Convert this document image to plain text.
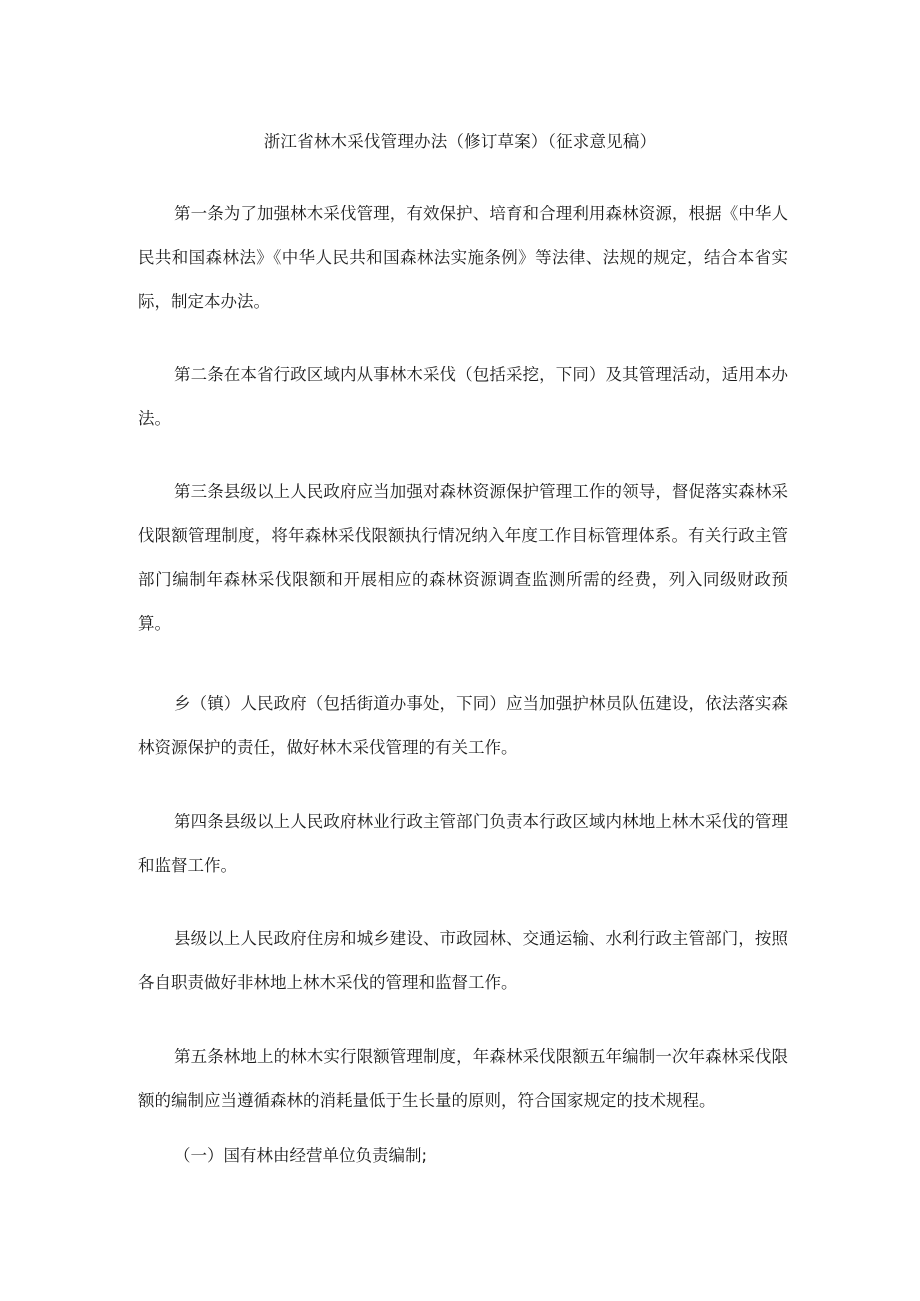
浙江省林木采伐管理办法（修订草案）（征求意见稿）

第一条为了加强林木采伐管理，有效保护、培育和合理利用森林资源，根据《中华人民共和国森林法》《中华人民共和国森林法实施条例》等法律、法规的规定，结合本省实际，制定本办法。

第二条在本省行政区域内从事林木采伐（包括采挖，下同）及其管理活动，适用本办法。

第三条县级以上人民政府应当加强对森林资源保护管理工作的领导，督促落实森林采伐限额管理制度，将年森林采伐限额执行情况纳入年度工作目标管理体系。有关行政主管部门编制年森林采伐限额和开展相应的森林资源调查监测所需的经费，列入同级财政预算。

乡（镇）人民政府（包括街道办事处，下同）应当加强护林员队伍建设，依法落实森林资源保护的责任，做好林木采伐管理的有关工作。

第四条县级以上人民政府林业行政主管部门负责本行政区域内林地上林木采伐的管理和监督工作。

县级以上人民政府住房和城乡建设、市政园林、交通运输、水利行政主管部门，按照各自职责做好非林地上林木采伐的管理和监督工作。

第五条林地上的林木实行限额管理制度，年森林采伐限额五年编制一次年森林采伐限额的编制应当遵循森林的消耗量低于生长量的原则，符合国家规定的技术规程。

（一）国有林由经营单位负责编制;
